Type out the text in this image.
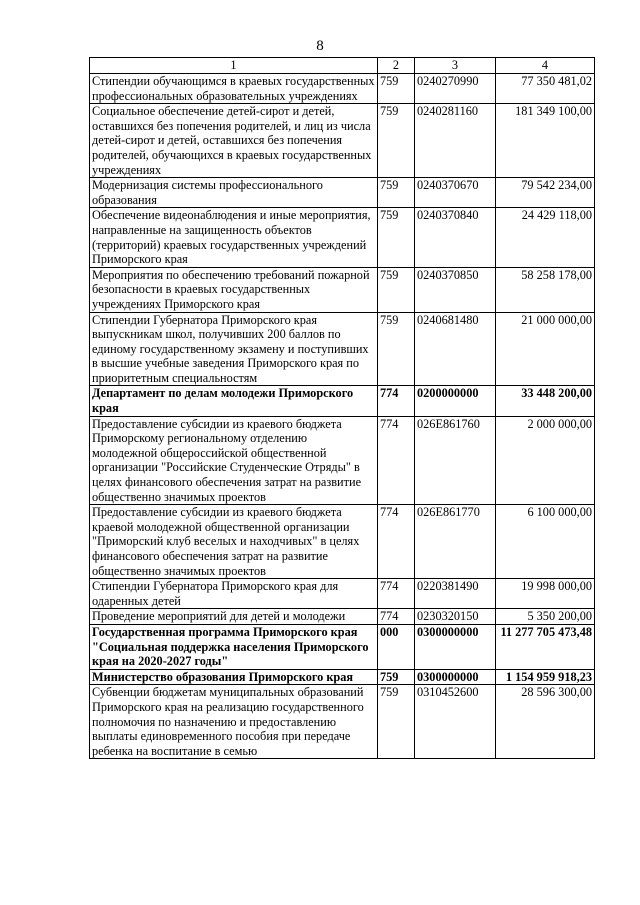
8
1	2	3	4
Стипендии обучающимся в краевых государственных профессиональных образовательных учреждениях	759	0240270990	77 350 481,02
Социальное обеспечение детей-сирот и детей, оставшихся без попечения родителей, и лиц из числа детей-сирот и детей, оставшихся без попечения родителей, обучающихся в краевых государственных учреждениях	759	0240281160	181 349 100,00
Модернизация системы профессионального образования	759	0240370670	79 542 234,00
Обеспечение видеонаблюдения и иные мероприятия, направленные на защищенность объектов (территорий) краевых государственных учреждений Приморского края	759	0240370840	24 429 118,00
Мероприятия по обеспечению требований пожарной безопасности в краевых государственных учреждениях Приморского края	759	0240370850	58 258 178,00
Стипендии Губернатора Приморского края выпускникам школ, получивших 200 баллов по единому государственному экзамену и поступивших в высшие учебные заведения Приморского края по приоритетным специальностям	759	0240681480	21 000 000,00
Департамент по делам молодежи Приморского края	774	0200000000	33 448 200,00
Предоставление субсидии из краевого бюджета Приморскому региональному отделению молодежной общероссийской общественной организации "Российские Студенческие Отряды" в целях финансового обеспечения затрат на развитие общественно значимых проектов	774	026E861760	2 000 000,00
Предоставление субсидии из краевого бюджета краевой молодежной общественной организации "Приморский клуб веселых и находчивых" в целях финансового обеспечения затрат на развитие общественно значимых проектов	774	026E861770	6 100 000,00
Стипендии Губернатора Приморского края для одаренных детей	774	0220381490	19 998 000,00
Проведение мероприятий для детей и молодежи	774	0230320150	5 350 200,00
Государственная программа Приморского края "Социальная поддержка населения Приморского края на 2020-2027 годы"	000	0300000000	11 277 705 473,48
Министерство образования Приморского края	759	0300000000	1 154 959 918,23
Субвенции бюджетам муниципальных образований Приморского края на реализацию государственного полномочия по назначению и предоставлению выплаты единовременного пособия при передаче ребенка на воспитание в семью	759	0310452600	28 596 300,00
